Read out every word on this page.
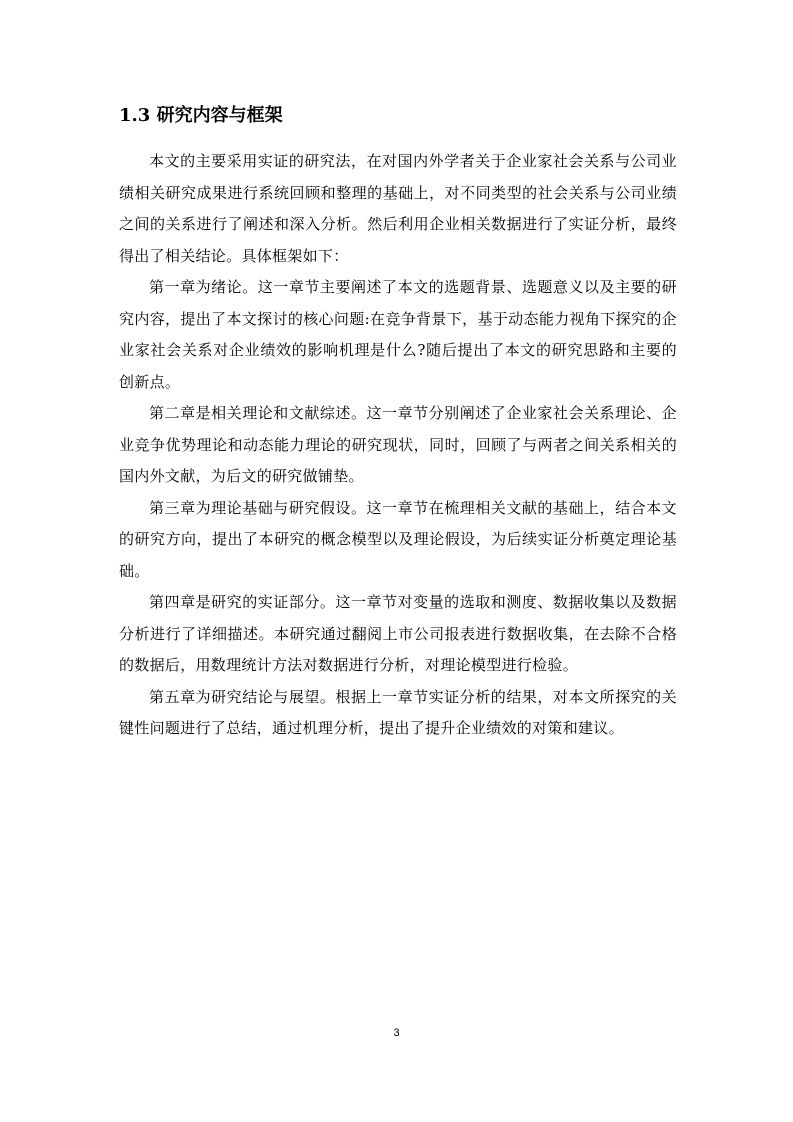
1.3 研究内容与框架

本文的主要采用实证的研究法，在对国内外学者关于企业家社会关系与公司业绩相关研究成果进行系统回顾和整理的基础上，对不同类型的社会关系与公司业绩之间的关系进行了阐述和深入分析。然后利用企业相关数据进行了实证分析，最终得出了相关结论。具体框架如下：

第一章为绪论。这一章节主要阐述了本文的选题背景、选题意义以及主要的研究内容，提出了本文探讨的核心问题:在竞争背景下，基于动态能力视角下探究的企业家社会关系对企业绩效的影响机理是什么?随后提出了本文的研究思路和主要的创新点。

第二章是相关理论和文献综述。这一章节分别阐述了企业家社会关系理论、企业竞争优势理论和动态能力理论的研究现状，同时，回顾了与两者之间关系相关的国内外文献，为后文的研究做铺垫。

第三章为理论基础与研究假设。这一章节在梳理相关文献的基础上，结合本文的研究方向，提出了本研究的概念模型以及理论假设，为后续实证分析奠定理论基础。

第四章是研究的实证部分。这一章节对变量的选取和测度、数据收集以及数据分析进行了详细描述。本研究通过翻阅上市公司报表进行数据收集，在去除不合格的数据后，用数理统计方法对数据进行分析，对理论模型进行检验。

第五章为研究结论与展望。根据上一章节实证分析的结果，对本文所探究的关键性问题进行了总结，通过机理分析，提出了提升企业绩效的对策和建议。

3
